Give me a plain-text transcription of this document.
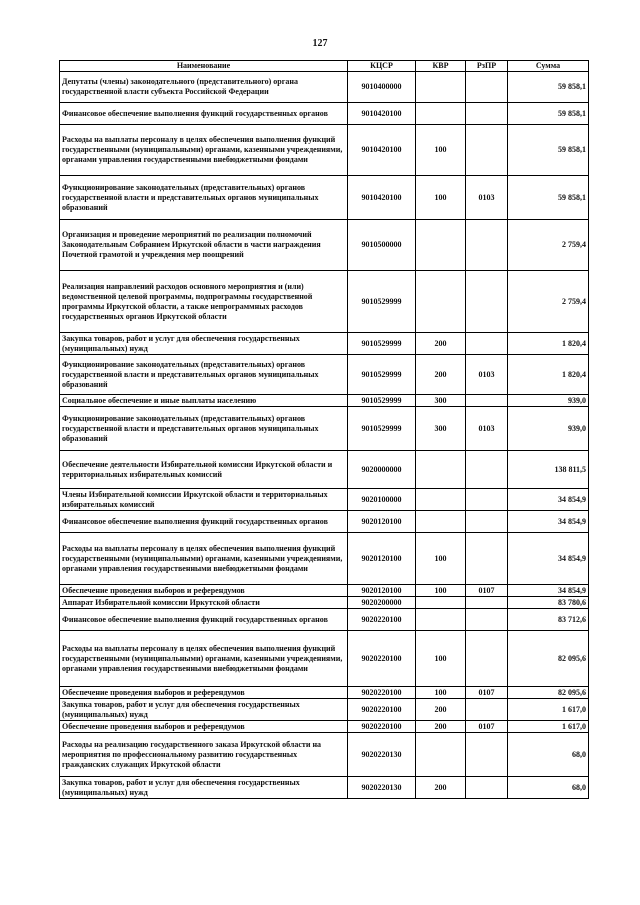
127
Наименование	КЦСР	КВР	РзПР	Сумма
Депутаты (члены) законодательного (представительного) органа государственной власти субъекта Российской Федерации	9010400000			59 858,1
Финансовое обеспечение выполнения функций государственных органов	9010420100			59 858,1
Расходы на выплаты персоналу в целях обеспечения выполнения функций государственными (муниципальными) органами, казенными учреждениями, органами управления государственными внебюджетными фондами	9010420100	100		59 858,1
Функционирование законодательных (представительных) органов государственной власти и представительных органов муниципальных образований	9010420100	100	0103	59 858,1
Организация и проведение мероприятий по реализации полномочий Законодательным Собранием Иркутской области в части награждения Почетной грамотой и учреждения мер поощрений	9010500000			2 759,4
Реализация направлений расходов основного мероприятия и (или) ведомственной целевой программы, подпрограммы государственной программы Иркутской области, а также непрограммных расходов государственных органов Иркутской области	9010529999			2 759,4
Закупка товаров, работ и услуг для обеспечения государственных (муниципальных) нужд	9010529999	200		1 820,4
Функционирование законодательных (представительных) органов государственной власти и представительных органов муниципальных образований	9010529999	200	0103	1 820,4
Социальное обеспечение и иные выплаты населению	9010529999	300		939,0
Функционирование законодательных (представительных) органов государственной власти и представительных органов муниципальных образований	9010529999	300	0103	939,0
Обеспечение деятельности Избирательной комиссии Иркутской области и территориальных избирательных комиссий	9020000000			138 811,5
Члены Избирательной комиссии Иркутской области и территориальных избирательных комиссий	9020100000			34 854,9
Финансовое обеспечение выполнения функций государственных органов	9020120100			34 854,9
Расходы на выплаты персоналу в целях обеспечения выполнения функций государственными (муниципальными) органами, казенными учреждениями, органами управления государственными внебюджетными фондами	9020120100	100		34 854,9
Обеспечение проведения выборов и референдумов	9020120100	100	0107	34 854,9
Аппарат Избирательной комиссии Иркутской области	9020200000			83 780,6
Финансовое обеспечение выполнения функций государственных органов	9020220100			83 712,6
Расходы на выплаты персоналу в целях обеспечения выполнения функций государственными (муниципальными) органами, казенными учреждениями, органами управления государственными внебюджетными фондами	9020220100	100		82 095,6
Обеспечение проведения выборов и референдумов	9020220100	100	0107	82 095,6
Закупка товаров, работ и услуг для обеспечения государственных (муниципальных) нужд	9020220100	200		1 617,0
Обеспечение проведения выборов и референдумов	9020220100	200	0107	1 617,0
Расходы на реализацию государственного заказа Иркутской области на мероприятия по профессиональному развитию государственных гражданских служащих Иркутской области	9020220130			68,0
Закупка товаров, работ и услуг для обеспечения государственных (муниципальных) нужд	9020220130	200		68,0
